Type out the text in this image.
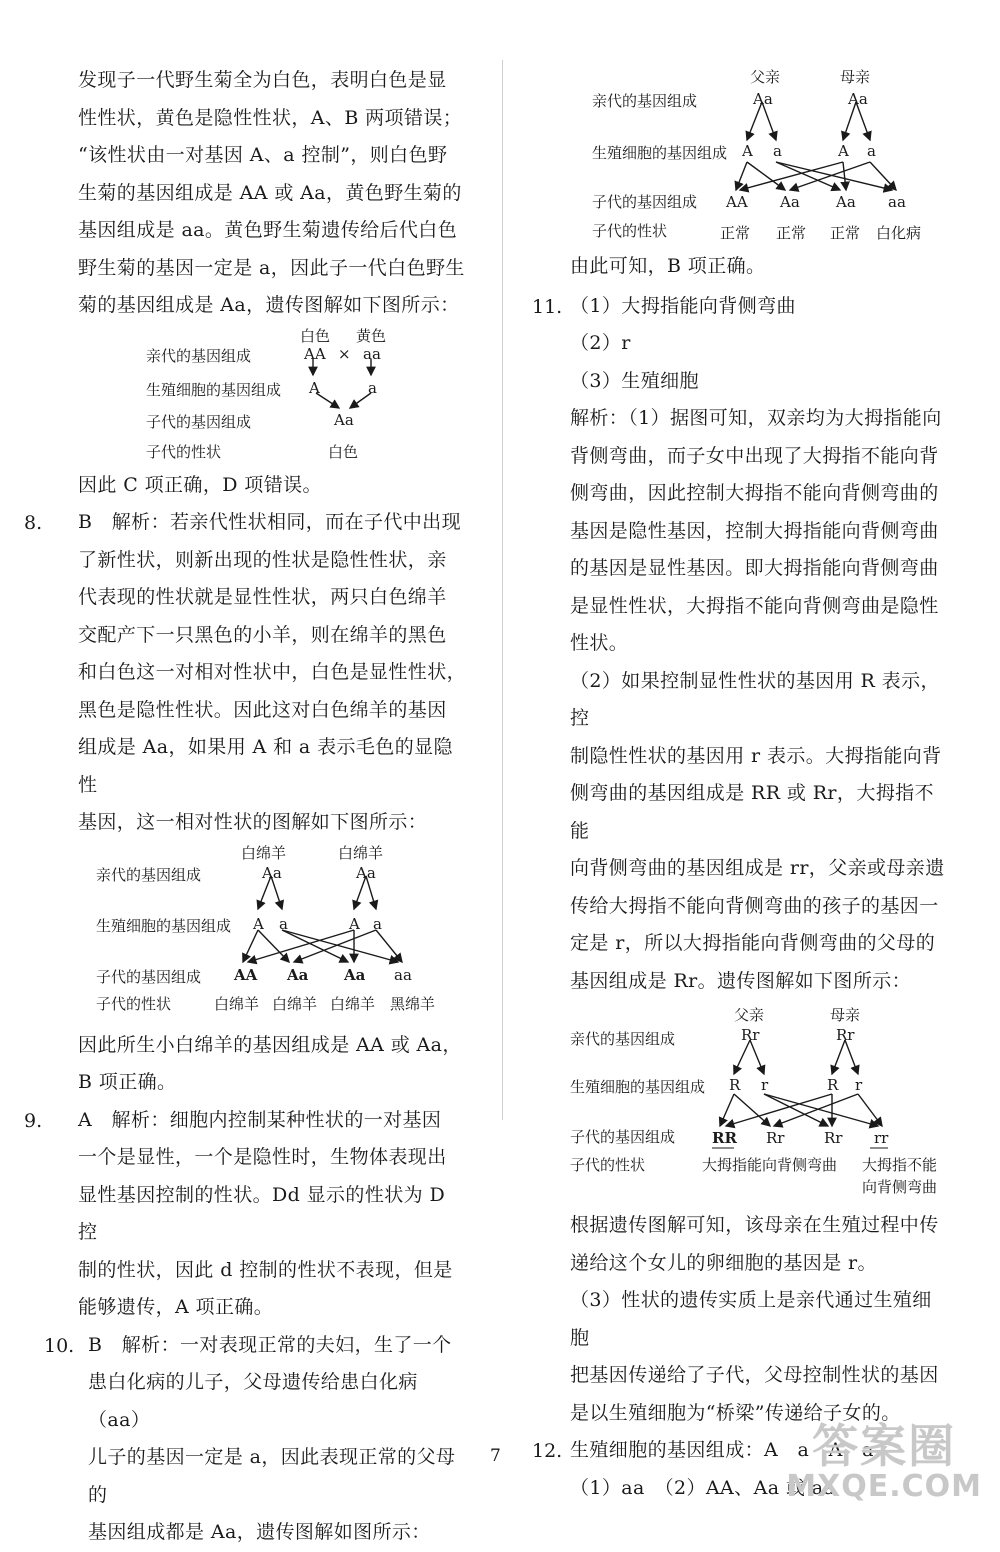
发现子一代野生菊全为白色，表明白色是显

性性状，黄色是隐性性状，A、B 两项错误；

“该性状由一对基因 A、a 控制”，则白色野

生菊的基因组成是 AA 或 Aa，黄色野生菊的

基因组成是 aa。黄色野生菊遗传给后代白色

野生菊的基因一定是 a，因此子一代白色野生

菊的基因组成是 Aa，遗传图解如下图所示：

白色 黄色
亲代的基因组成	AA × aa
生殖细胞的基因组成 A	a
子代的基因组成	Aa
子代的性状	白色

因此 C 项正确，D 项错误。

8. B　解析：若亲代性状相同，而在子代中出现

了新性状，则新出现的性状是隐性性状，亲

代表现的性状就是显性性状，两只白色绵羊

交配产下一只黑色的小羊，则在绵羊的黑色

和白色这一对相对性状中，白色是显性性状，

黑色是隐性性状。因此这对白色绵羊的基因

组成是 Aa，如果用 A 和 a 表示毛色的显隐性

基因，这一相对性状的图解如下图所示：

白绵羊	白绵羊
亲代的基因组成	Aa	Aa
生殖细胞的基因组成 A a	A a
子代的基因组成 AA Aa Aa aa
子代的性状	白绵羊 白绵羊 白绵羊 黑绵羊

因此所生小白绵羊的基因组成是 AA 或 Aa，

B 项正确。

9. A　解析：细胞内控制某种性状的一对基因

一个是显性，一个是隐性时，生物体表现出

显性基因控制的性状。Dd 显示的性状为 D 控

制的性状，因此 d 控制的性状不表现，但是

能够遗传，A 项正确。

10. B　解析：一对表现正常的夫妇，生了一个

患白化病的儿子，父母遗传给患白化病（aa）

儿子的基因一定是 a，因此表现正常的父母的

基因组成都是 Aa，遗传图解如图所示：

父亲	母亲
亲代的基因组成	Aa	Aa
生殖细胞的基因组成 A a	A a
子代的基因组成 AA Aa Aa aa
子代的性状	正常 正常 正常 白化病

由此可知，B 项正确。

11. （1）大拇指能向背侧弯曲

（2）r

（3）生殖细胞

解析：（1）据图可知，双亲均为大拇指能向

背侧弯曲，而子女中出现了大拇指不能向背

侧弯曲，因此控制大拇指不能向背侧弯曲的

基因是隐性基因，控制大拇指能向背侧弯曲

的基因是显性基因。即大拇指能向背侧弯曲

是显性性状，大拇指不能向背侧弯曲是隐性

性状。

（2）如果控制显性性状的基因用 R 表示，控

制隐性性状的基因用 r 表示。大拇指能向背

侧弯曲的基因组成是 RR 或 Rr，大拇指不能

向背侧弯曲的基因组成是 rr，父亲或母亲遗

传给大拇指不能向背侧弯曲的孩子的基因一

定是 r，所以大拇指能向背侧弯曲的父母的

基因组成是 Rr。遗传图解如下图所示：

父亲	母亲
亲代的基因组成	Rr	Rr
生殖细胞的基因组成 R r	R r
子代的基因组成 RR Rr	Rr rr
子代的性状	大拇指能向背侧弯曲 大拇指不能
向背侧弯曲

根据遗传图解可知，该母亲在生殖过程中传

递给这个女儿的卵细胞的基因是 r。

（3）性状的遗传实质上是亲代通过生殖细胞

把基因传递给了子代，父母控制性状的基因

是以生殖细胞为“桥梁”传递给子女的。

12. 生殖细胞的基因组成：A　a　A　a

（1）aa　（2）AA、Aa 或 aa

7	答案圈
MXQE.COM
